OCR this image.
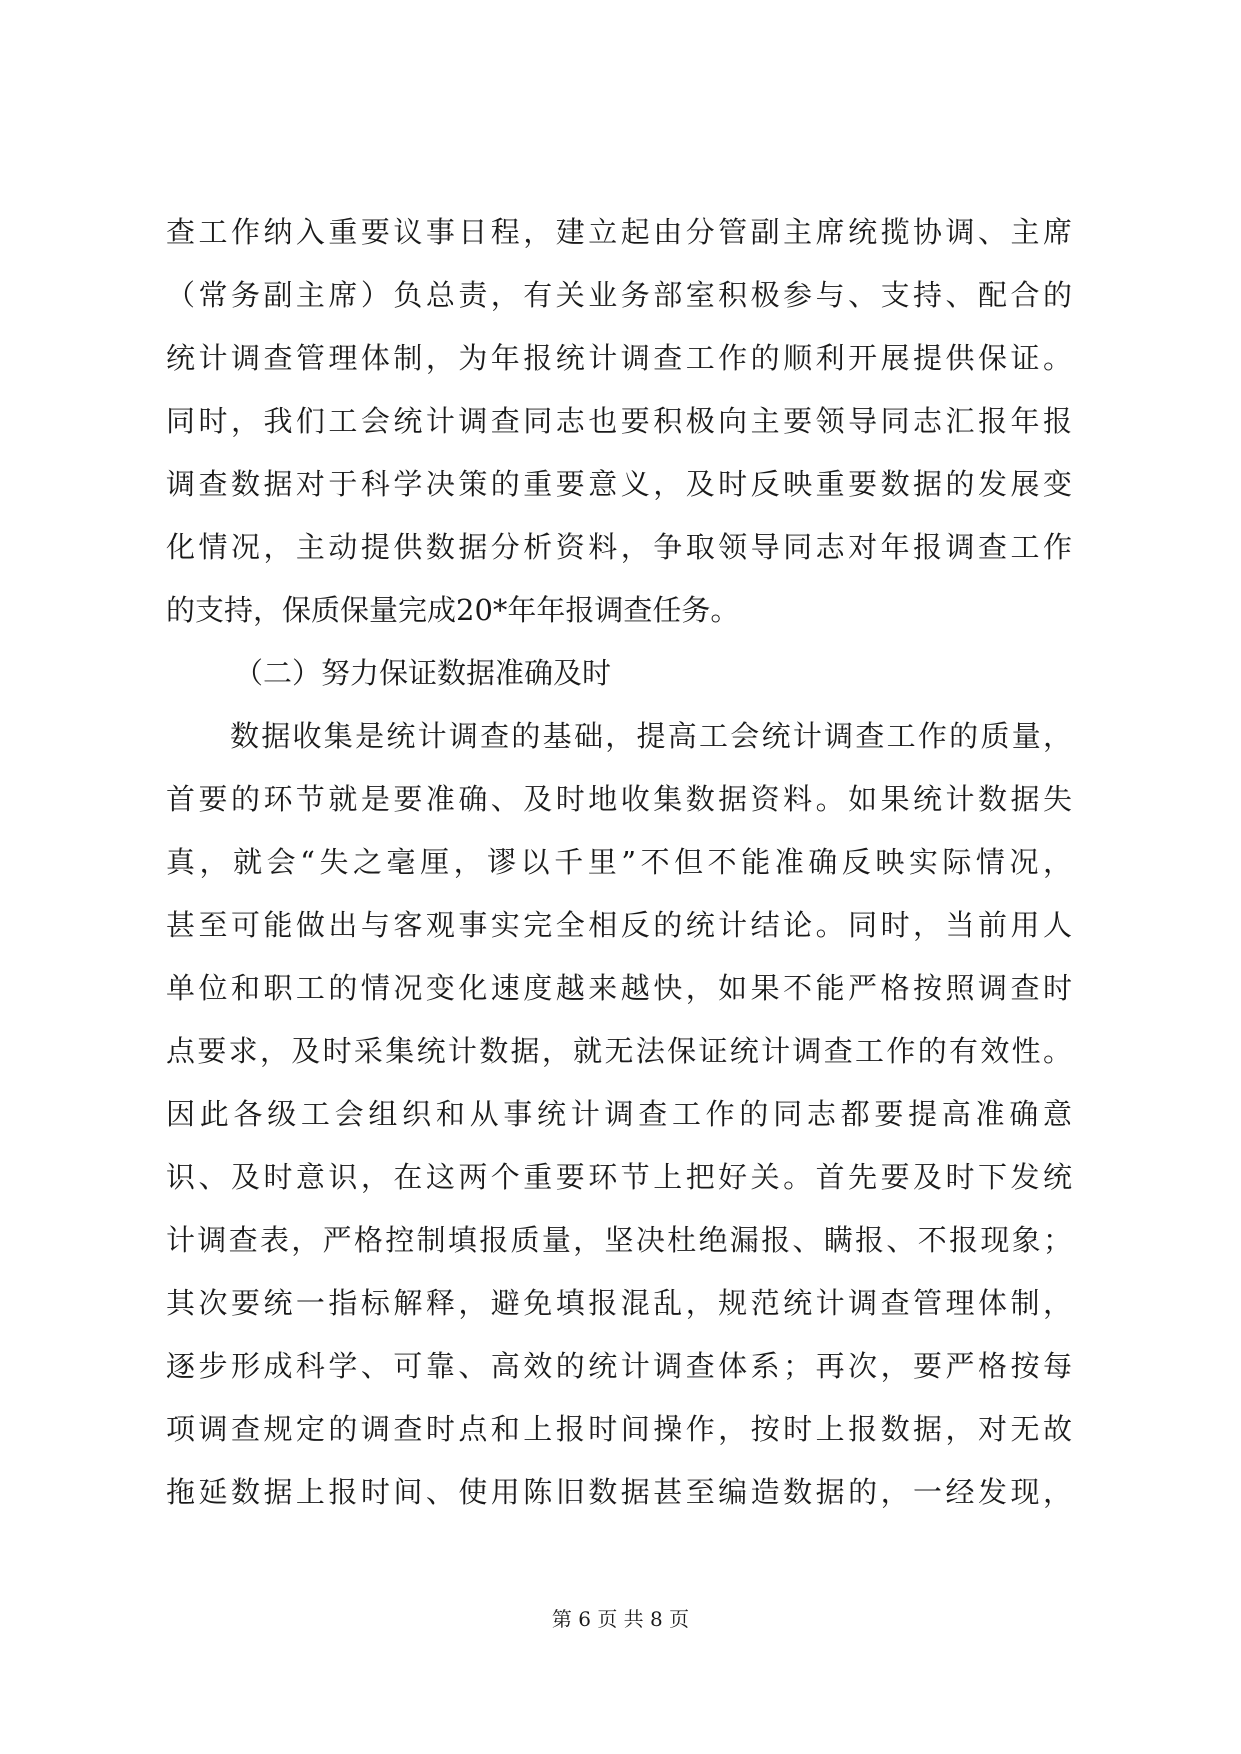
查工作纳入重要议事日程，建立起由分管副主席统揽协调、主席
（常务副主席）负总责，有关业务部室积极参与、支持、配合的
统计调查管理体制，为年报统计调查工作的顺利开展提供保证。
同时，我们工会统计调查同志也要积极向主要领导同志汇报年报
调查数据对于科学决策的重要意义，及时反映重要数据的发展变
化情况，主动提供数据分析资料，争取领导同志对年报调查工作
的支持，保质保量完成20*年年报调查任务。
（二）努力保证数据准确及时
数据收集是统计调查的基础，提高工会统计调查工作的质量，
首要的环节就是要准确、及时地收集数据资料。如果统计数据失
真，就会“失之毫厘，谬以千里”不但不能准确反映实际情况，
甚至可能做出与客观事实完全相反的统计结论。同时，当前用人
单位和职工的情况变化速度越来越快，如果不能严格按照调查时
点要求，及时采集统计数据，就无法保证统计调查工作的有效性。
因此各级工会组织和从事统计调查工作的同志都要提高准确意
识、及时意识，在这两个重要环节上把好关。首先要及时下发统
计调查表，严格控制填报质量，坚决杜绝漏报、瞒报、不报现象；
其次要统一指标解释，避免填报混乱，规范统计调查管理体制，
逐步形成科学、可靠、高效的统计调查体系；再次，要严格按每
项调查规定的调查时点和上报时间操作，按时上报数据，对无故
拖延数据上报时间、使用陈旧数据甚至编造数据的，一经发现，
第 6 页 共 8 页
